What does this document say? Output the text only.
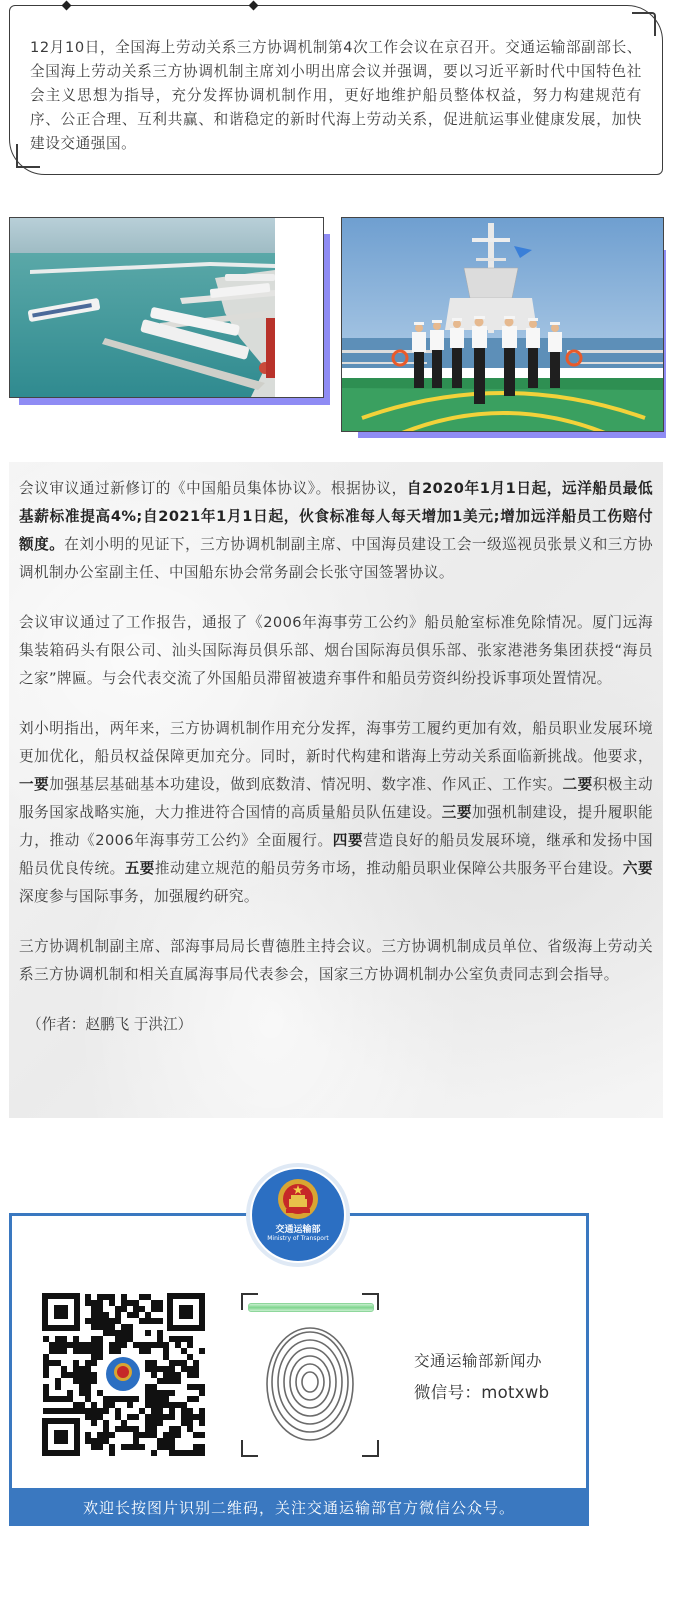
12月10日，全国海上劳动关系三方协调机制第4次工作会议在京召开。交通运输部副部长、全国海上劳动关系三方协调机制主席刘小明出席会议并强调，要以习近平新时代中国特色社会主义思想为指导，充分发挥协调机制作用，更好地维护船员整体权益，努力构建规范有序、公正合理、互利共赢、和谐稳定的新时代海上劳动关系，促进航运事业健康发展，加快建设交通强国。

会议审议通过新修订的《中国船员集体协议》。根据协议，自2020年1月1日起，远洋船员最低基薪标准提高4%;自2021年1月1日起，伙食标准每人每天增加1美元;增加远洋船员工伤赔付额度。在刘小明的见证下，三方协调机制副主席、中国海员建设工会一级巡视员张景义和三方协调机制办公室副主任、中国船东协会常务副会长张守国签署协议。

会议审议通过了工作报告，通报了《2006年海事劳工公约》船员舱室标准免除情况。厦门远海集装箱码头有限公司、汕头国际海员俱乐部、烟台国际海员俱乐部、张家港港务集团获授“海员之家”牌匾。与会代表交流了外国船员滞留被遗弃事件和船员劳资纠纷投诉事项处置情况。

刘小明指出，两年来，三方协调机制作用充分发挥，海事劳工履约更加有效，船员职业发展环境更加优化，船员权益保障更加充分。同时，新时代构建和谐海上劳动关系面临新挑战。他要求，一要加强基层基础基本功建设，做到底数清、情况明、数字准、作风正、工作实。二要积极主动服务国家战略实施，大力推进符合国情的高质量船员队伍建设。三要加强机制建设，提升履职能力，推动《2006年海事劳工公约》全面履行。四要营造良好的船员发展环境，继承和发扬中国船员优良传统。五要推动建立规范的船员劳务市场，推动船员职业保障公共服务平台建设。六要深度参与国际事务，加强履约研究。

三方协调机制副主席、部海事局局长曹德胜主持会议。三方协调机制成员单位、省级海上劳动关系三方协调机制和相关直属海事局代表参会，国家三方协调机制办公室负责同志到会指导。

（作者：赵鹏飞 于洪江）

交通运输部
Ministry of Transport
交通运输部新闻办
微信号：motxwb
欢迎长按图片识别二维码，关注交通运输部官方微信公众号。
